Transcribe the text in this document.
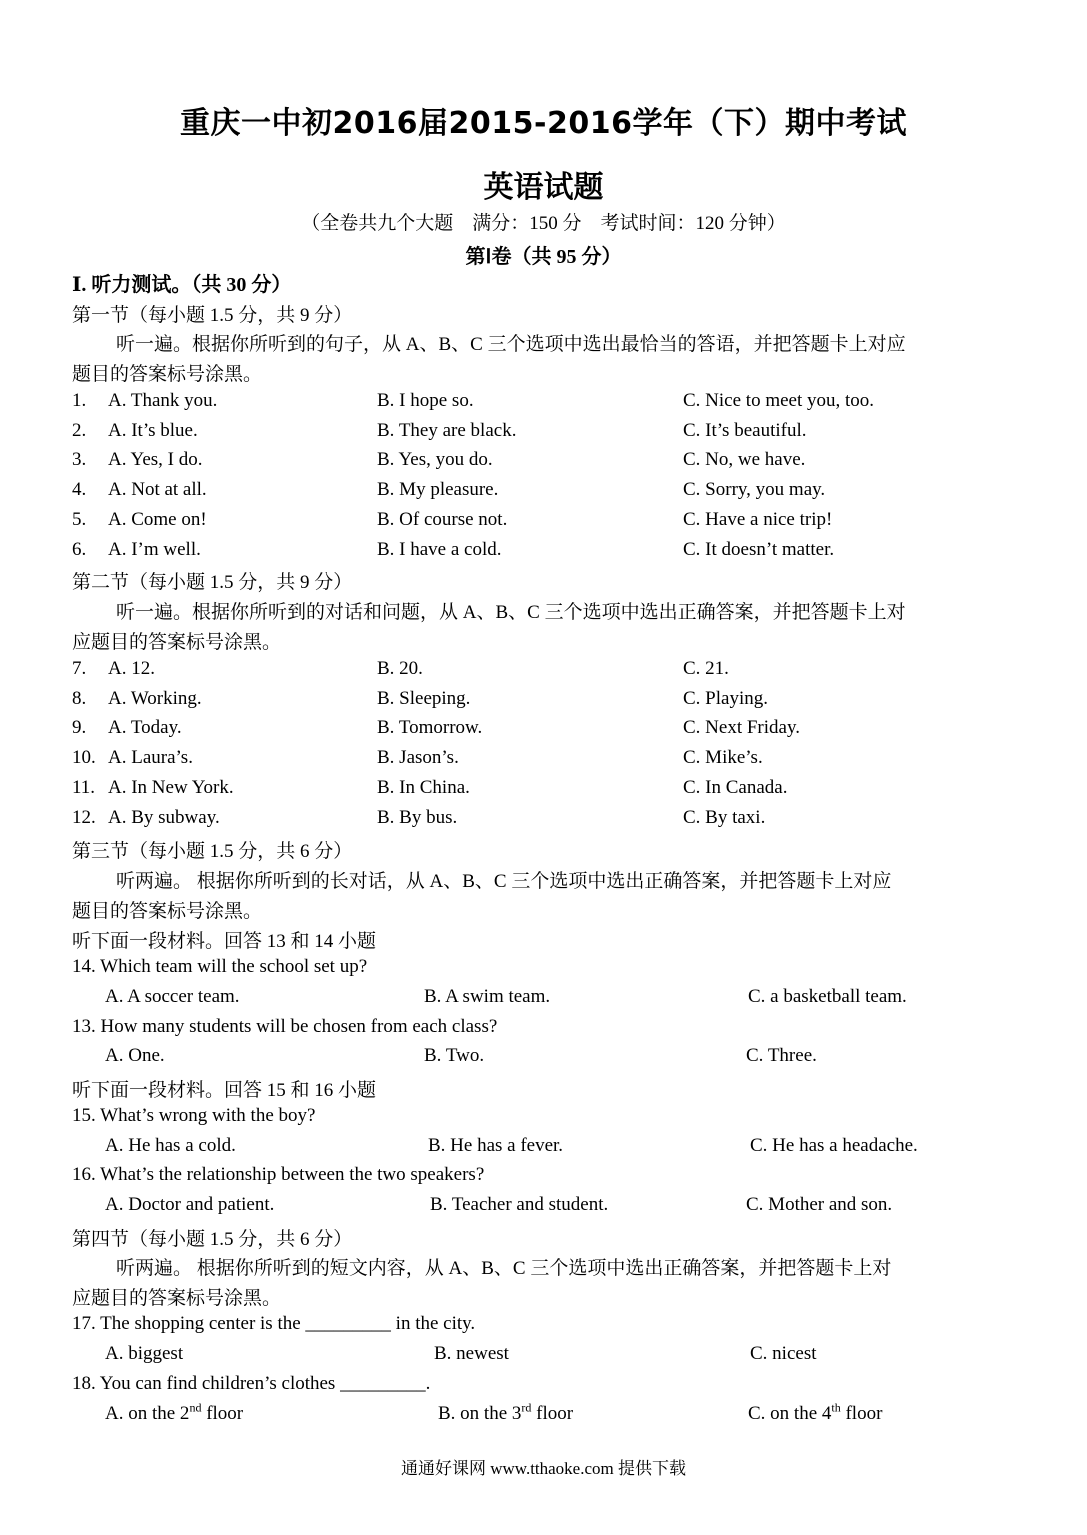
重庆一中初2016届2015-2016学年（下）期中考试
英语试题
（全卷共九个大题　满分：150 分　考试时间：120 分钟）
第Ⅰ卷（共 95 分）
Ⅰ. 听力测试。（共 30 分）
第一节（每小题 1.5 分，共 9 分）
听一遍。根据你所听到的句子，从 A、B、C 三个选项中选出最恰当的答语，并把答题卡上对应
题目的答案标号涂黑。
1. A. Thank you.	B. I hope so.	C. Nice to meet you, too.
2. A. It’s blue.	B. They are black.	C. It’s beautiful.
3. A. Yes, I do.	B. Yes, you do.	C. No, we have.
4. A. Not at all.	B. My pleasure.	C. Sorry, you may.
5. A. Come on!	B. Of course not.	C. Have a nice trip!
6. A. I’m well.	B. I have a cold.	C. It doesn’t matter.
第二节（每小题 1.5 分，共 9 分）
听一遍。根据你所听到的对话和问题，从 A、B、C 三个选项中选出正确答案，并把答题卡上对
应题目的答案标号涂黑。
7. A. 12.	B. 20.	C. 21.
8. A. Working.	B. Sleeping.	C. Playing.
9. A. Today.	B. Tomorrow.	C. Next Friday.
10. A. Laura’s.	B. Jason’s.	C. Mike’s.
11. A. In New York.	B. In China.	C. In Canada.
12. A. By subway.	B. By bus.	C. By taxi.
第三节（每小题 1.5 分，共 6 分）
听两遍。 根据你所听到的长对话，从 A、B、C 三个选项中选出正确答案，并把答题卡上对应
题目的答案标号涂黑。
听下面一段材料。回答 13 和 14 小题
14. Which team will the school set up?
A. A soccer team.	B. A swim team.	C. a basketball team.
13. How many students will be chosen from each class?
A. One.	B. Two.	C. Three.
听下面一段材料。回答 15 和 16 小题
15. What’s wrong with the boy?
A. He has a cold.	B. He has a fever.	C. He has a headache.
16. What’s the relationship between the two speakers?
A. Doctor and patient.	B. Teacher and student.	C. Mother and son.
第四节（每小题 1.5 分，共 6 分）
听两遍。 根据你所听到的短文内容，从 A、B、C 三个选项中选出正确答案，并把答题卡上对
应题目的答案标号涂黑。
17. The shopping center is the _________ in the city.
A. biggest	B. newest	C. nicest
18. You can find children’s clothes _________.
A. on the 2nd floor	B. on the 3rd floor	C. on the 4th floor
通通好课网 www.tthaoke.com 提供下载
